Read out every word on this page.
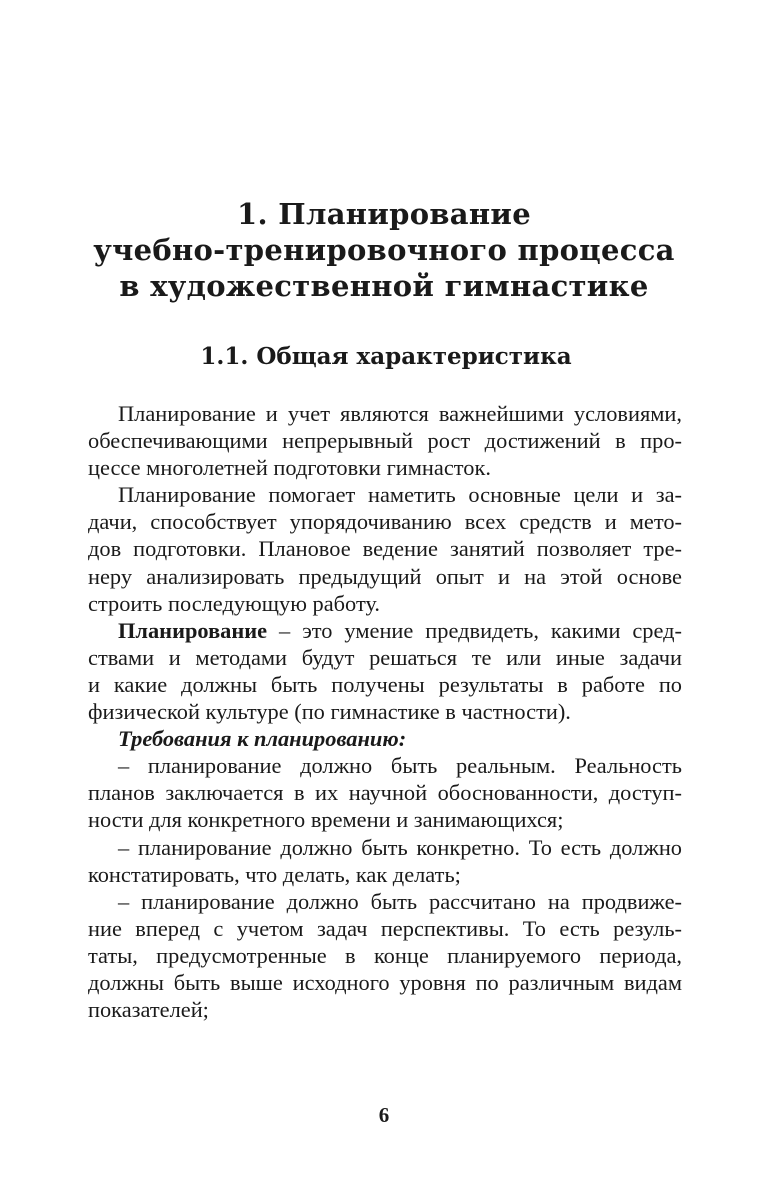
1. Планирование
учебно-тренировочного процесса
в художественной гимнастике
1.1. Общая характеристика

Планирование и учет являются важнейшими условиями,
обеспечивающими непрерывный рост достижений в про-
цессе многолетней подготовки гимнасток.

Планирование помогает наметить основные цели и за-
дачи, способствует упорядочиванию всех средств и мето-
дов подготовки. Плановое ведение занятий позволяет тре-
неру анализировать предыдущий опыт и на этой основе
строить последующую работу.

Планирование – это умение предвидеть, какими сред-
ствами и методами будут решаться те или иные задачи
и какие должны быть получены результаты в работе по
физической культуре (по гимнастике в частности).

Требования к планированию:

– планирование должно быть реальным. Реальность
планов заключается в их научной обоснованности, доступ-
ности для конкретного времени и занимающихся;

– планирование должно быть конкретно. То есть должно
констатировать, что делать, как делать;

– планирование должно быть рассчитано на продвиже-
ние вперед с учетом задач перспективы. То есть резуль-
таты, предусмотренные в конце планируемого периода,
должны быть выше исходного уровня по различным видам
показателей;

6
